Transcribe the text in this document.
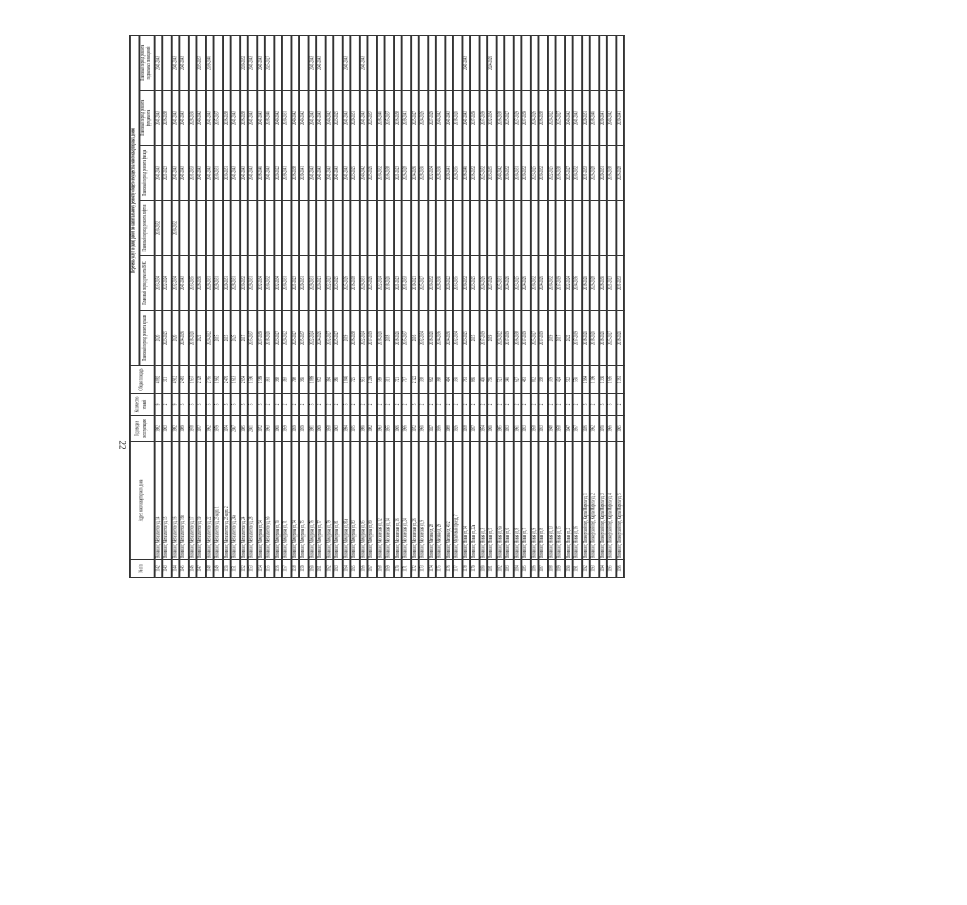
22
№ п/п	Адрес многоквартирного дома	Год ввода в эксплуатацию	Количество этажей	Общая площадь	Перечень услуг и (или) работ по капитальному ремонту общего имущества многоквартирных домов					
					Плановый период ремонта крыши	Плановый период ремонта ВИС	Плановый период ремонта лифтов	Плановый период ремонта фасада	Плановый период ремонта фундамента	Плановый период ремонта подвальных помещений
1142	Вязники г, Металлистов ул, 14	1982	9	4 882	2020	2033-2034	2030-2032	2041-2043	2041-2043	2041-2043
1143	Вязники г, Металлистов ул, 15	1963	2	311	2023-2025	2022-2024		2021-2023	2036-2038	
1144	Вязники г, Металлистов ул, 16	1982	9	4 912	2020	2032-2034	2030-2032	2041-2043	2041-2043	2041-2043
1145	Вязники г, Металлистов ул, 16б	1989	5	2 481	2034-2036	2041-2043		2041-2043	2041-2043	2041-2043
1146	Вязники г, Металлистов ул, 17	1978	5	1 657	2018-2020	2033-2035		2031-2033	2028-2030	
1147	Вязники г, Металлистов ул, 19	1977	5	2 128	2021	2028-2030		2041-2043	2040-2042	2035-2037
1148	Вязники г, Металлистов ул, 22	1962	5	2 765	2020-2022	2029-2031		2041-2043	2041-2043	2039-2040
1149	Вязники г, Металлистов ул, 23 корп. 1	1979	5	1 962	2015	2029-2031		2030-2031	2035-2037	
1150	Вязники г, Металлистов ул, 23 корп. 2	1974	5	2 476	2015	2029-2031		2030-2031	2036-2038	
1151	Вязники г, Металлистов ул, 24а	2007	5	1 613	2025	2028-2031		2041-2043	2041-2043	
1152	Вязники г, Металлистов ул, 24	1985	5	2 654	2017	2030-2032		2041-2043	2036-2038	2030-2032
1153	Вязники г, Металлистов ул, 28	2001	5	1 590	2035-2037	2029-2031		2041-2043	2041-2043	2041-2043
1154	Вязники г, Мичурина ул, 54	1972	5	1 589	2037-2039	2032-2034		2038-2040	2041-2043	2041-2043
1155	Вязники г, Металлистов ул, 6б	1963	2	361	2018-2020	2030-2032		2041-2043	2038-2040	2025-2027
1156	Вязники г, Мичурина ул, 70	1960	2	368	2023-2027	2032-2034		2020-2022	2040-2042	
1157	Вязники г, Мичурина ул, 71	1959	2	393	2020-2022	2030-2031		2039-2041	2030-2031	
1158	Вязники г, Мичурина ул, 74	1959	2	798	2025-2027	2021-2023		2036-2038	2040-2042	
1159	Вязники г, Мичурина ул, 75	1959	2	360	2035-2037	2029-2031		2039-2041	2040-2042	
1160	Вязники г, Мичурина ул, 76	1981	5	1 889	2022-2024	2029-2031		2041-2043	2041-2043	2041-2043
1161	Вязники г, Мичурина ул, 77	1969	2	672	2024-2026	2020-2021		2041-2043	2041-2043	2041-2043
1162	Вязники г, Мичурина ул, 79	1958	2	394	2032-2027	2022-2023		2041-2043	2040-2042	
1163	Вязники г, Мичурина ул, 81	1963	2	380	2025-2027	2023-2025		2041-2043	2023-2025	
1164	Вязники г, Мичурина ул, 81а	1994	5	1 840	2019	2025-2026		2041-2043	2041-2043	2041-2043
1165	Вязники г, Мичурина ул, 83	1975	2	725	2036-2038	2016-2018		2023-2025	2029-2031	
1166	Вязники г, Мичурина ул, 85	1980	2	951	2022-2024	2029-2031		2040-2042	2041-2043	2041-2043
1167	Вязники г, Мичурина ул, 89	1982	2	1 299	2017-2019	2025-2026		2025-2026	2025-2037	
1168	Вязники г, Московская ул, 12	1963	2	589	2018-2020	2022-2024		2030-2032	2038-2040	
1169	Вязники г, Московская ул, 14	1955	2	311	2018	2018-2020		2036-2038	2035-2037	
1170	Вязники г, Московская ул, 16	1966	2	721	2018-2020	2021-2023		2021-2023	2036-2038	
1171	Вязники г, Московская ул, 24	1966	2	717	2035-2037	2031-2033		2026-2028	2039-2041	
1172	Вязники г, Московская ул, 26	1972	5	2 122	2016	2019-2021		2034-2036	2025-2027	
1173	Вязники г, Московская ул, 9	1960	2	338	2032-2034	2025-2027		2028-2030	2024-2026	
1174	Вязники г, Мясина ул, 28	1927	2	662	2018-2020	2030-2032		2032-2034	2027-2029	
1175	Вязники г, Мясина ул, 29	1936	2	368	2034-2036	2028-2030		2028-2030	2040-2042	
1176	Вязники г, Мясина ул, 45/2	1988	2	494	2034-2036	2020-2022		2039-2041	2041-2043	
1177	Вязники г, Мультовый проезд, 7	1926	2	350	2032-2034	2033-2035		2029-2035	2018-2020	
1178	Вязники г, Новая ул, 14	1958	2	761	2023-2025	2030-2032		2038-2040	2041-2043	2041-2043
1179	Вязники г, Новая ул, 22а	1957	2	866	2015	2023-2025		2036-2032	2037-2039	
1180	Вязники г, Новая ул, 3	1954	2	400	2017-2019	2024-2026		2025-2032	2037-2039	
1181	Вязники г, Новая ул, 5	1960	2	730	2019	2027-2029		2033-2035	2032-2034	2024-2026
1182	Вязники г, Новая ул, 6а	1985	2	521	2020-2022	2025-2031		2040-2042	2036-2038	
1183	Вязники г, Новая ул, 6	1953	2	340	2017-2019	2024-2026		2030-2032	2025-2027	
1184	Вязники г, Новая ул, 8	1961	2	627	2036-2038	2023-2025		2030-2031	2027-2029	
1185	Вязники г, Новая ул, 7	1953	2	461	2017-2019	2024-2026		2030-2032	2037-2039	
1186	Вязники г, Новая ул, 9	1958	2	812	2025-2027	2030-2032		2023-2025	2024-2026	
1187	Вязники г, Новая ул, 8	1953	2	338	2017-2019	2024-2026		2030-2032	2036-2038	
1188	Вязники г, Новая ул, 13	1948	2	379	2019	2030-2032		2022-2025	2020-2022	
1189	Вязники г, Новая ул, 15	1958	2	424	2017	2017-2019		2036-2038	2025-2027	
1190	Вязники г, Новая ул, 2	1947	2	512	2022	2022-2024		2025-2027	2040-2042	
1191	Вязники г, Новая ул, 16	1957	2	550	2017-2019	2034-2036		2030-2032	2041-2043	
1192	Вязники г, Пионерский пер, Карла Маркса ул, 1	1936	5	1 964	2018-2020	2018-2020		2031-2033	2029-2031	
1193	Вязники г, Пионерский пер, Карла Маркса ул, 2	1962	2	1 196	2018-2020	2026-2028		2026-2028	2038-2040	
1194	Вязники г, Пионерский пер, Карла Маркса ул, 3	1970	5	1 330	2018-2020	2028-2030		2029-2031	2039-2041	
1195	Вязники г, Пионерский пер, Карла Маркса ул, 4	1966	5	1 695	2025-2027	2021-2023		2036-2038	2040-2042	
1196	Вязники г, Пионерский пер, Карла Маркса ул, 5	1965	2	1 361	2018-2020	2031-2033		2026-2028	2039-2041	
